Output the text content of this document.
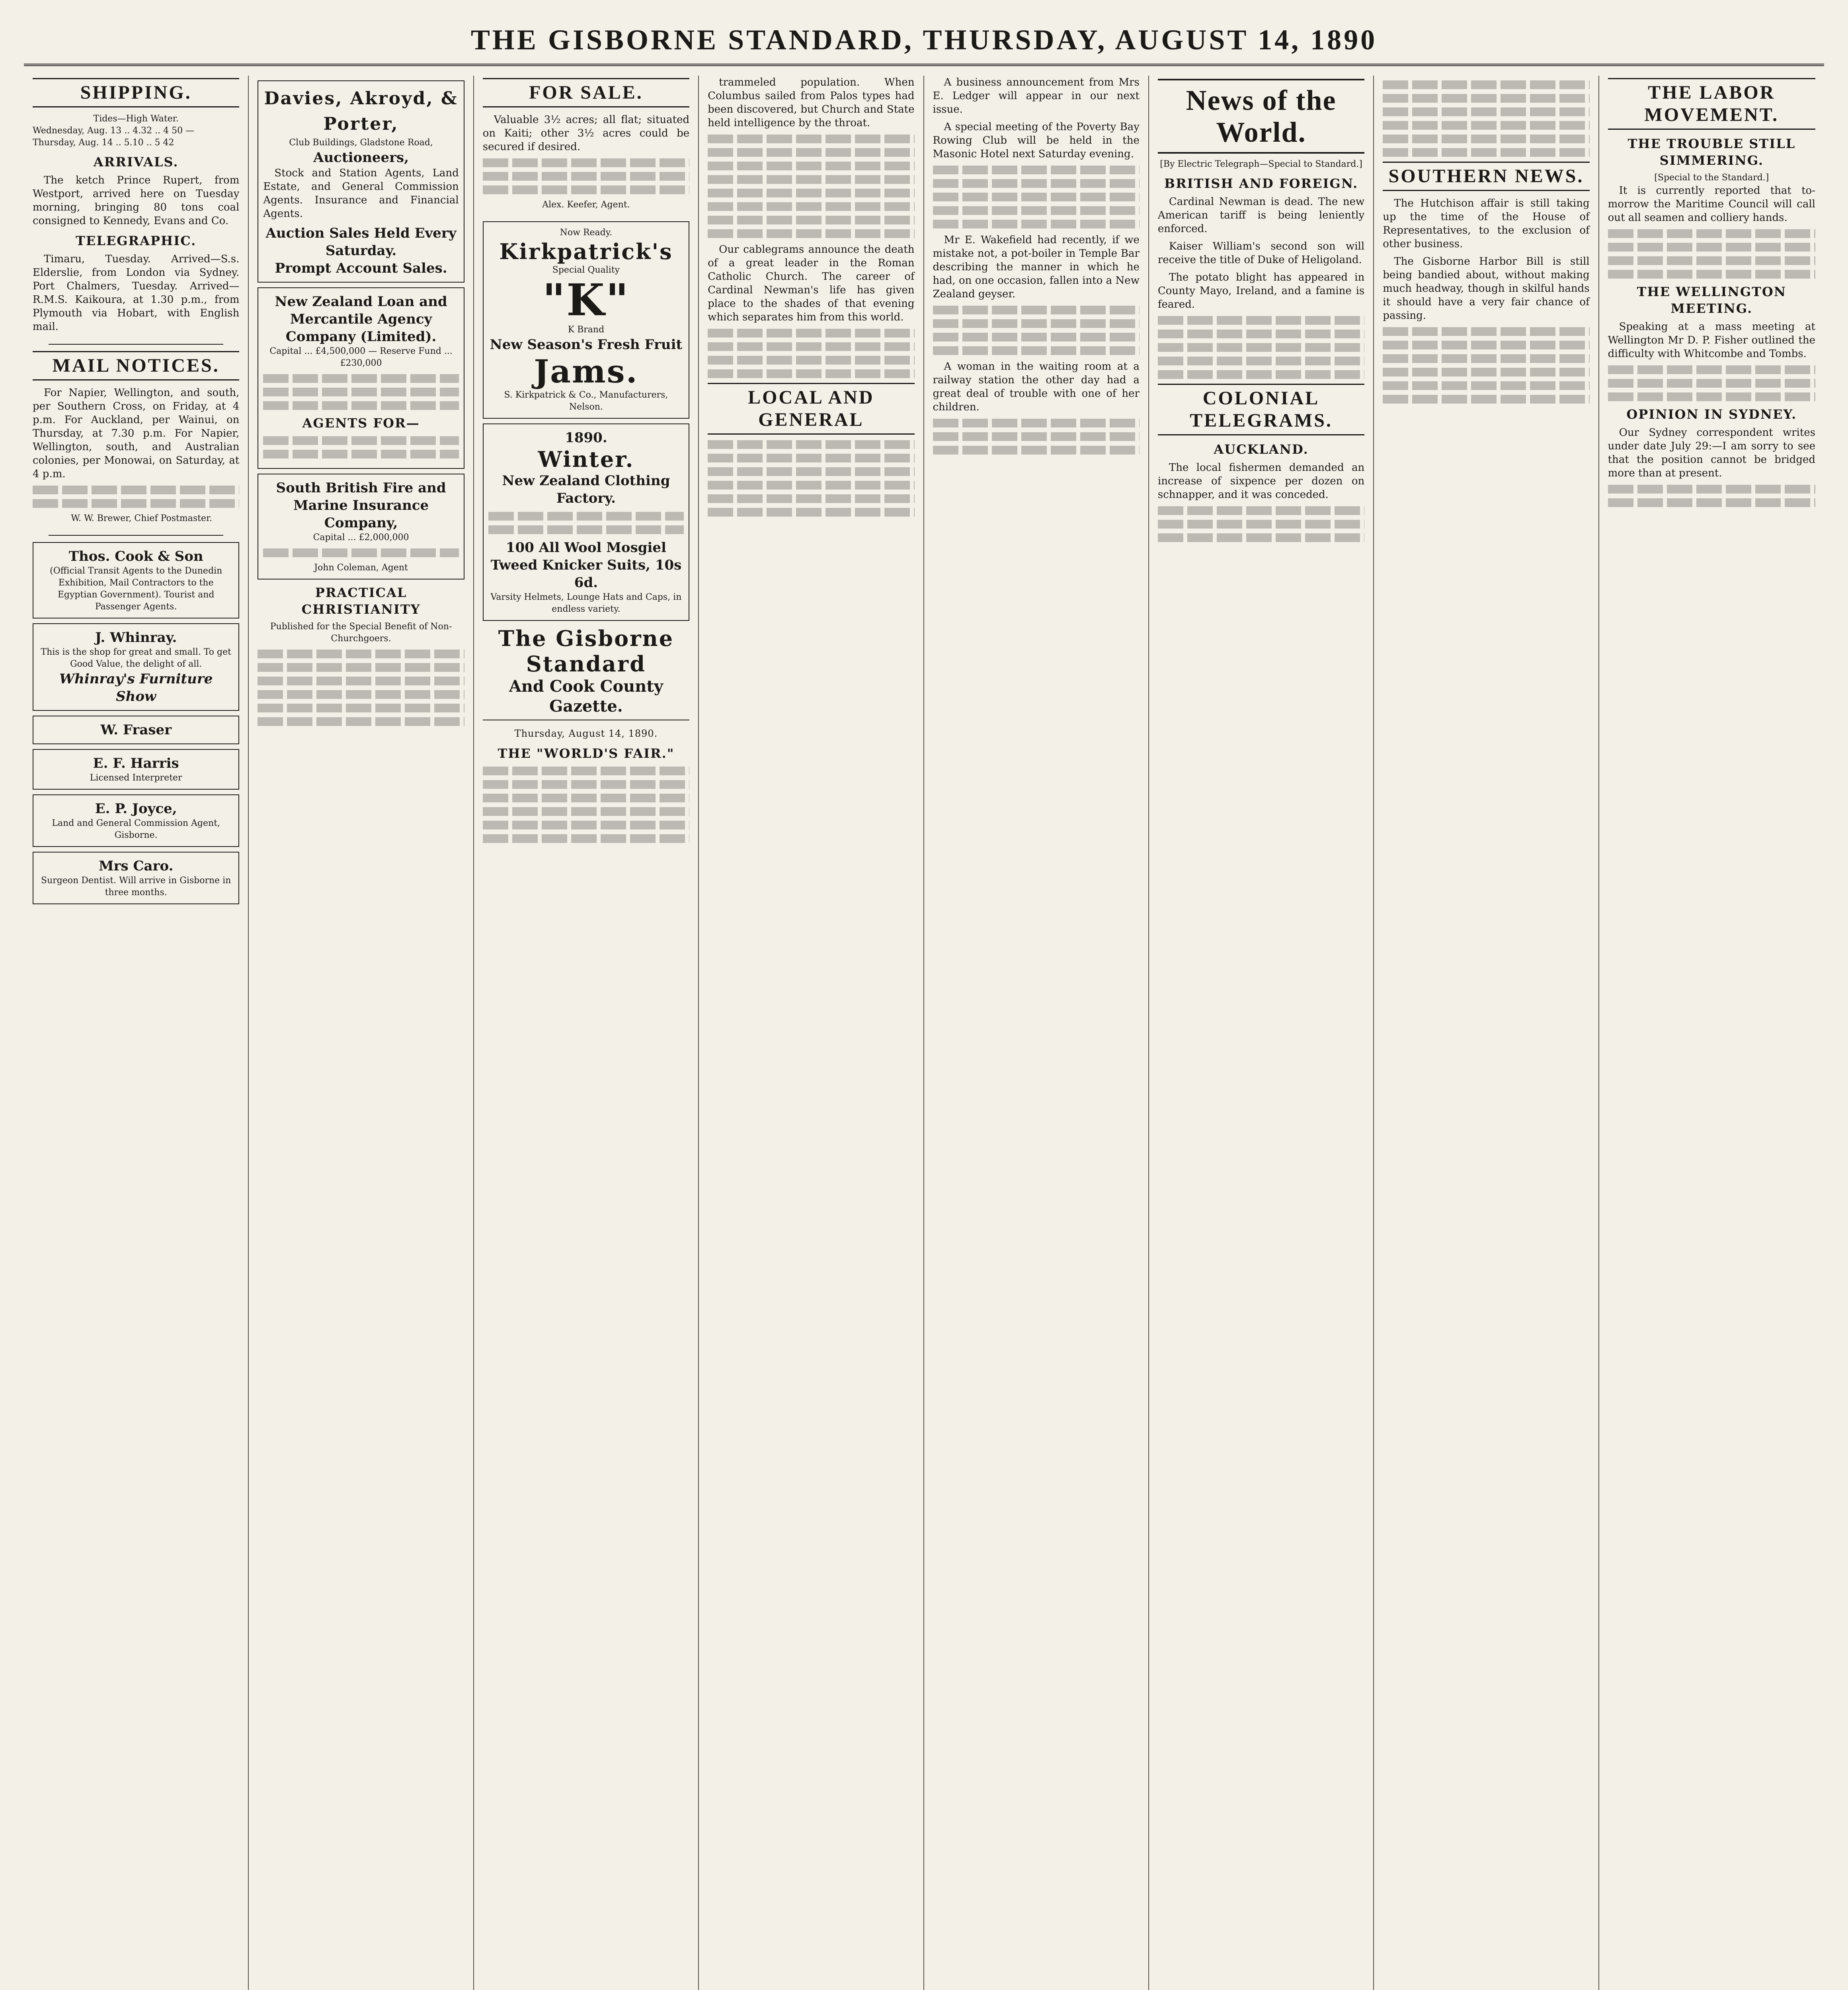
THE GISBORNE STANDARD, THURSDAY, AUGUST 14, 1890
SHIPPING.
Tides—High Water.
Wednesday, Aug. 13 .. 4.32 .. 4 50 — Thursday, Aug. 14 .. 5.10 .. 5 42
ARRIVALS.
The ketch Prince Rupert, from Westport, arrived here on Tuesday morning, bringing 80 tons coal consigned to Kennedy, Evans and Co.
TELEGRAPHIC.
Timaru, Tuesday. Arrived—S.s. Elderslie, from London via Sydney. Port Chalmers, Tuesday. Arrived—R.M.S. Kaikoura, at 1.30 p.m., from Plymouth via Hobart, with English mail.
MAIL NOTICES.
For Napier, Wellington, and south, per Southern Cross, on Friday, at 4 p.m. For Auckland, per Wainui, on Thursday, at 7.30 p.m. For Napier, Wellington, south, and Australian colonies, per Monowai, on Saturday, at 4 p.m.
W. W. Brewer, Chief Postmaster.
Thos. Cook & Son
(Official Transit Agents to the Dunedin Exhibition, Mail Contractors to the Egyptian Government). Tourist and Passenger Agents.
J. Whinray.
This is the shop for great and small. To get Good Value, the delight of all.
Whinray's Furniture Show
W. Fraser
E. F. Harris
Licensed Interpreter
E. P. Joyce,
Land and General Commission Agent, Gisborne.
Mrs Caro.
Surgeon Dentist. Will arrive in Gisborne in three months.
Davies, Akroyd, & Porter,
Club Buildings, Gladstone Road,
Auctioneers,
Stock and Station Agents, Land Estate, and General Commission Agents. Insurance and Financial Agents.
Auction Sales Held Every Saturday.
Prompt Account Sales.
New Zealand Loan and Mercantile Agency Company (Limited).
Capital ... £4,500,000 — Reserve Fund ... £230,000
AGENTS FOR—
South British Fire and Marine Insurance Company,
Capital ... £2,000,000
John Coleman, Agent
PRACTICAL CHRISTIANITY
Published for the Special Benefit of Non-Churchgoers.
FOR SALE.
Valuable 3½ acres; all flat; situated on Kaiti; other 3½ acres could be secured if desired.
Alex. Keefer, Agent.
Now Ready.
Kirkpatrick's
Special Quality
"K"
K Brand
New Season's Fresh Fruit
Jams.
S. Kirkpatrick & Co., Manufacturers, Nelson.
1890.
Winter.
New Zealand Clothing Factory.
100 All Wool Mosgiel Tweed Knicker Suits, 10s 6d.
Varsity Helmets, Lounge Hats and Caps, in endless variety.
The Gisborne Standard
And Cook County Gazette.
Thursday, August 14, 1890.
THE "WORLD'S FAIR."
trammeled population. When Columbus sailed from Palos types had been discovered, but Church and State held intelligence by the throat.
Our cablegrams announce the death of a great leader in the Roman Catholic Church. The career of Cardinal Newman's life has given place to the shades of that evening which separates him from this world.
LOCAL AND GENERAL
A business announcement from Mrs E. Ledger will appear in our next issue.
A special meeting of the Poverty Bay Rowing Club will be held in the Masonic Hotel next Saturday evening.
Mr E. Wakefield had recently, if we mistake not, a pot-boiler in Temple Bar describing the manner in which he had, on one occasion, fallen into a New Zealand geyser.
A woman in the waiting room at a railway station the other day had a great deal of trouble with one of her children.
News of the World.
[By Electric Telegraph—Special to Standard.]
BRITISH AND FOREIGN.
Cardinal Newman is dead. The new American tariff is being leniently enforced.
Kaiser William's second son will receive the title of Duke of Heligoland.
The potato blight has appeared in County Mayo, Ireland, and a famine is feared.
COLONIAL TELEGRAMS.
AUCKLAND.
The local fishermen demanded an increase of sixpence per dozen on schnapper, and it was conceded.
SOUTHERN NEWS.
The Hutchison affair is still taking up the time of the House of Representatives, to the exclusion of other business.
The Gisborne Harbor Bill is still being bandied about, without making much headway, though in skilful hands it should have a very fair chance of passing.
THE LABOR MOVEMENT.
THE TROUBLE STILL SIMMERING.
[Special to the Standard.]
It is currently reported that to-morrow the Maritime Council will call out all seamen and colliery hands.
THE WELLINGTON MEETING.
Speaking at a mass meeting at Wellington Mr D. P. Fisher outlined the difficulty with Whitcombe and Tombs.
OPINION IN SYDNEY.
Our Sydney correspondent writes under date July 29:—I am sorry to see that the position cannot be bridged more than at present.
